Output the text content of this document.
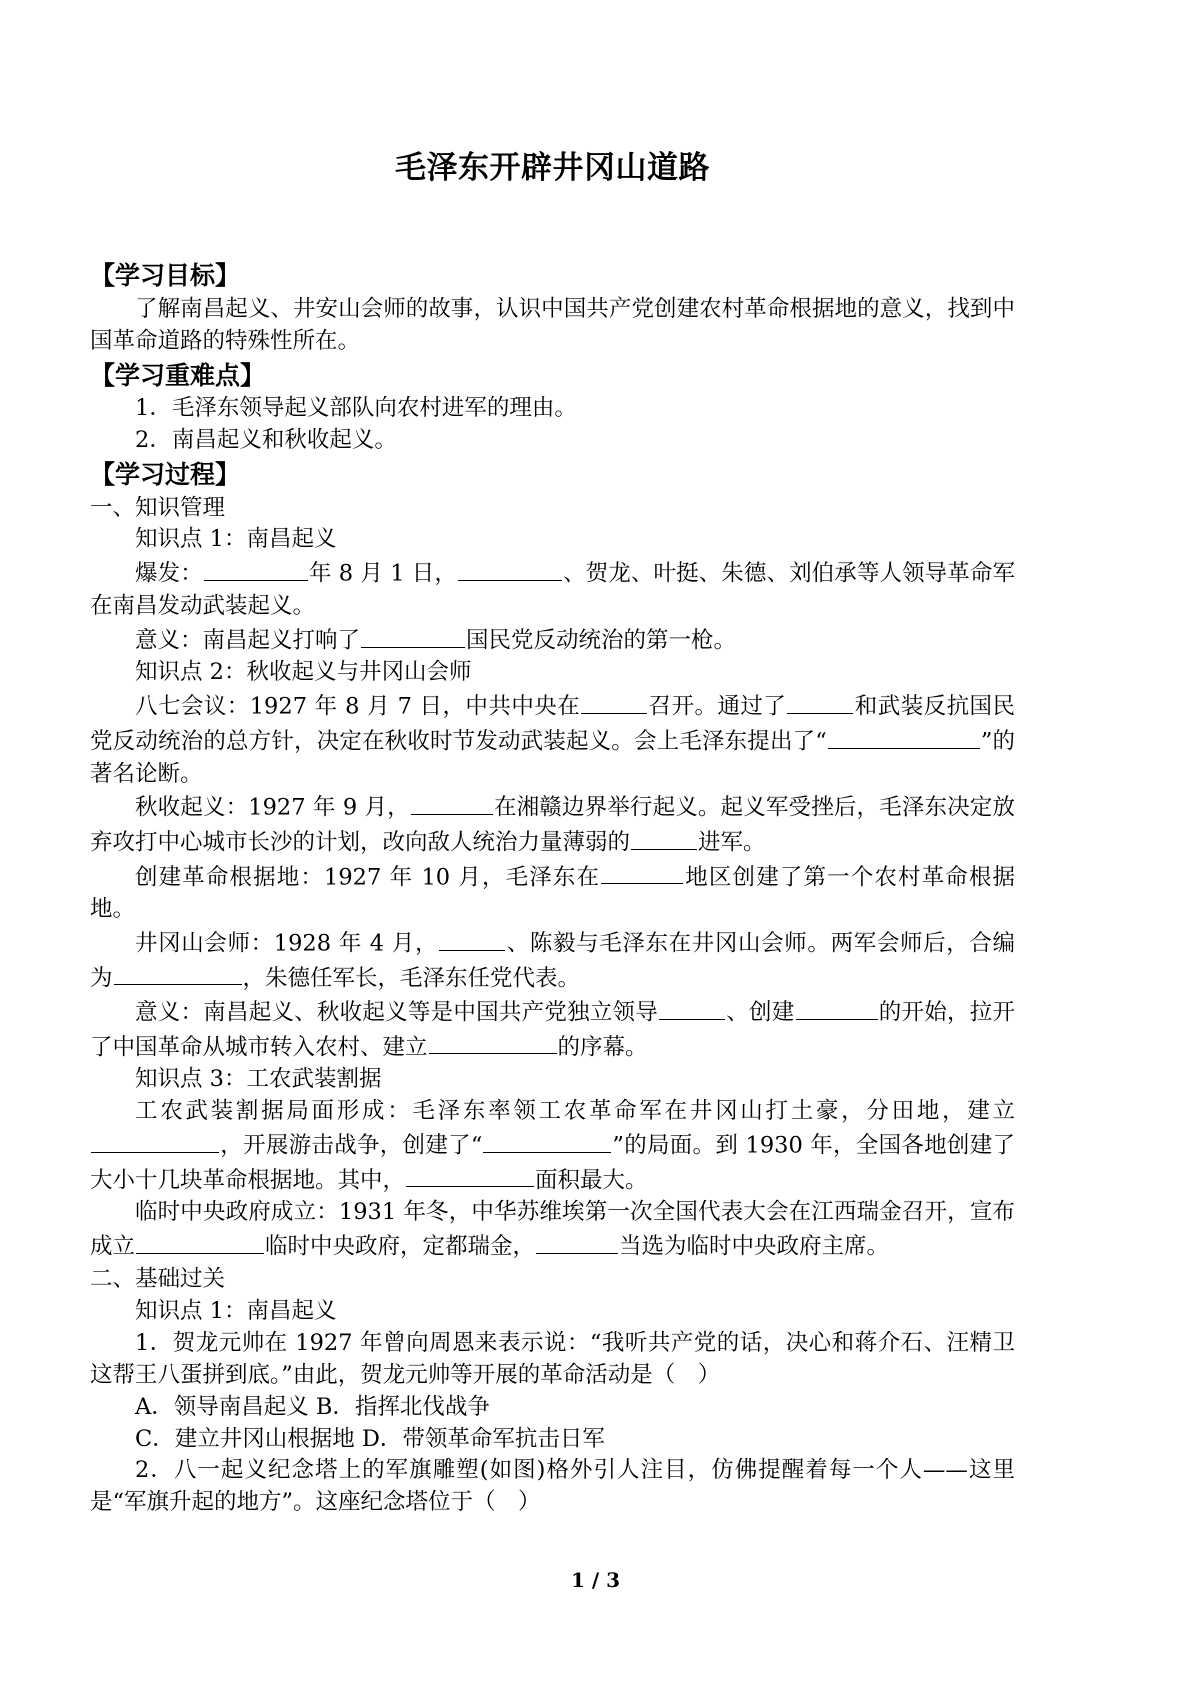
毛泽东开辟井冈山道路
【学习目标】

了解南昌起义、井安山会师的故事，认识中国共产党创建农村革命根据地的意义，找到中国革命道路的特殊性所在。

【学习重难点】

1．毛泽东领导起义部队向农村进军的理由。

2．南昌起义和秋收起义。

【学习过程】

一、知识管理

知识点 1：南昌起义

爆发：	年 8 月 1 日，	、贺龙、叶挺、朱德、刘伯承等人领导革命军在南昌发动武装起义。

意义：南昌起义打响了	国民党反动统治的第一枪。

知识点 2：秋收起义与井冈山会师

八七会议：1927 年 8 月 7 日，中共中央在	召开。通过了	和武装反抗国民党反动统治的总方针，决定在秋收时节发动武装起义。会上毛泽东提出了“	”的著名论断。

秋收起义：1927 年 9 月，	在湘赣边界举行起义。起义军受挫后，毛泽东决定放弃攻打中心城市长沙的计划，改向敌人统治力量薄弱的	进军。

创建革命根据地：1927 年 10 月，毛泽东在	地区创建了第一个农村革命根据地。

井冈山会师：1928 年 4 月，	、陈毅与毛泽东在井冈山会师。两军会师后，合编为	，朱德任军长，毛泽东任党代表。

意义：南昌起义、秋收起义等是中国共产党独立领导	、创建	的开始，拉开了中国革命从城市转入农村、建立	的序幕。

知识点 3：工农武装割据

工农武装割据局面形成：毛泽东率领工农革命军在井冈山打土豪，分田地，建立，开展游击战争，创建了“	”的局面。到 1930 年，全国各地创建了大小十几块革命根据地。其中，	面积最大。

临时中央政府成立：1931 年冬，中华苏维埃第一次全国代表大会在江西瑞金召开，宣布成立	临时中央政府，定都瑞金，	当选为临时中央政府主席。

二、基础过关

知识点 1：南昌起义

1．贺龙元帅在 1927 年曾向周恩来表示说：“我听共产党的话，决心和蒋介石、汪精卫这帮王八蛋拼到底。”由此，贺龙元帅等开展的革命活动是（　）

A．领导南昌起义 B．指挥北伐战争

C．建立井冈山根据地 D．带领革命军抗击日军

2．八一起义纪念塔上的军旗雕塑(如图)格外引人注目，仿佛提醒着每一个人——这里是“军旗升起的地方”。这座纪念塔位于（　）

1 / 3
